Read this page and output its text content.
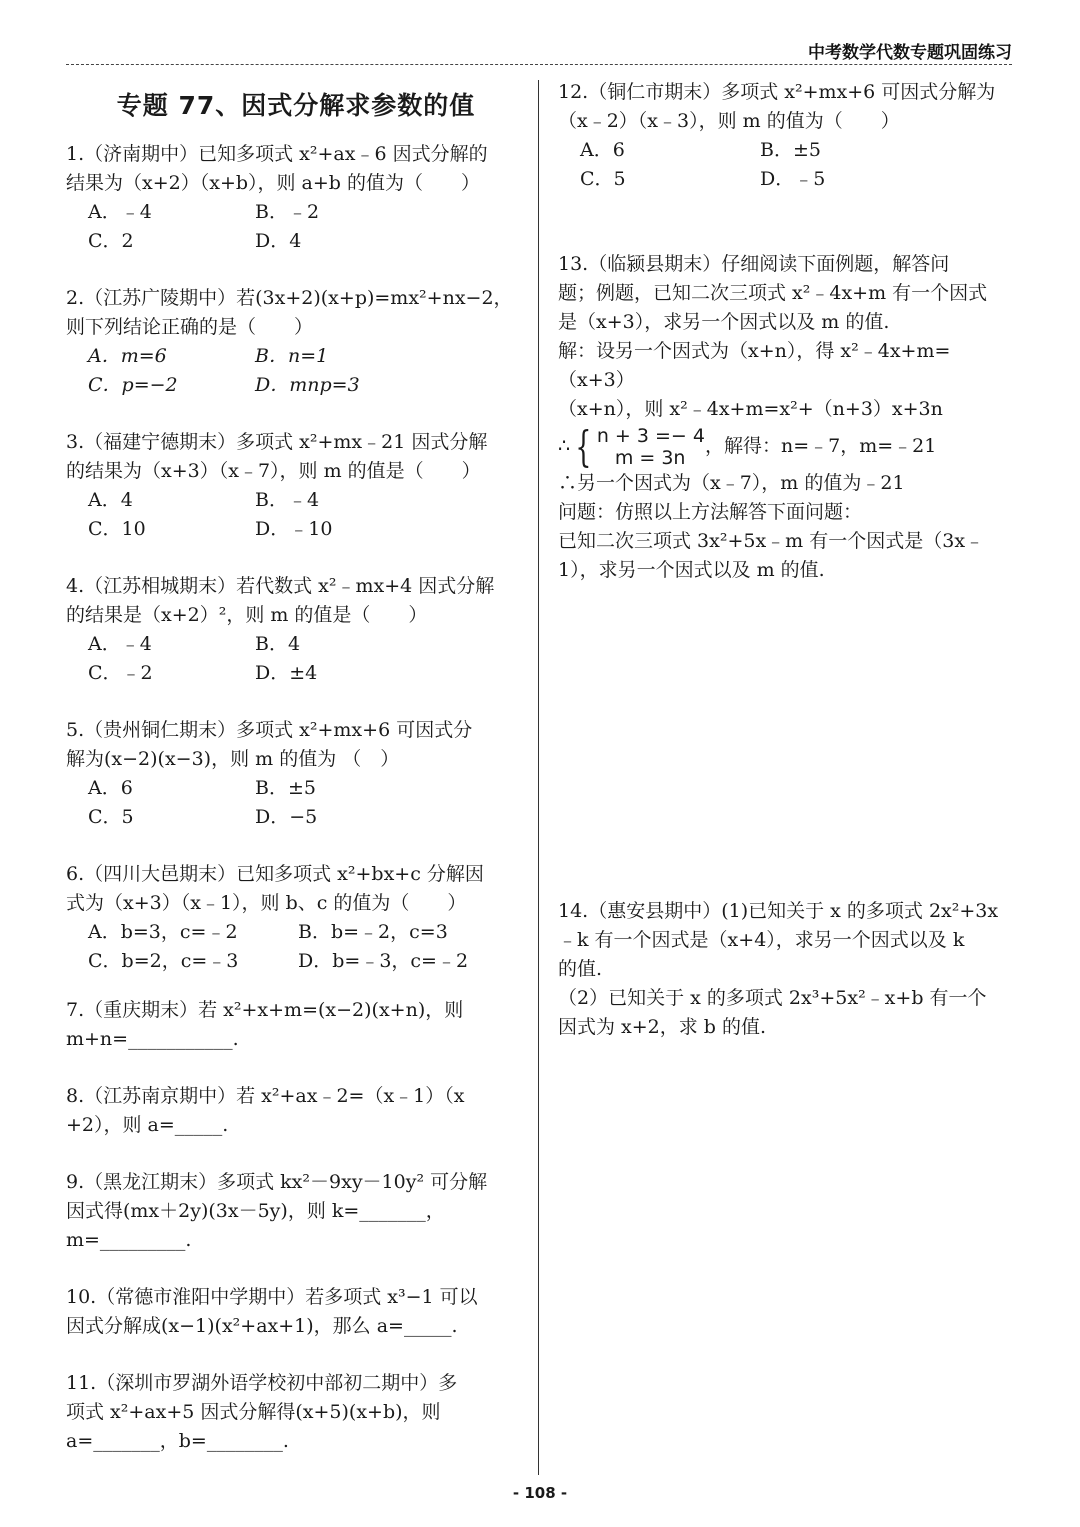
中考数学代数专题巩固练习
专题 77、因式分解求参数的值

1.（济南期中）已知多项式 x²+ax﹣6 因式分解的

结果为（x+2）（x+b），则 a+b 的值为（　　）

A．﹣4	B．﹣2
C．2	D．4

2.（江苏广陵期中）若(3x+2)(x+p)=mx²+nx−2，

则下列结论正确的是（　　）

A．m=6	B．n=1
C．p=−2	D．mnp=3

3.（福建宁德期末）多项式 x²+mx﹣21 因式分解

的结果为（x+3）（x﹣7），则 m 的值是（　　）

A．4	B．﹣4
C．10	D．﹣10

4.（江苏相城期末）若代数式 x²﹣mx+4 因式分解

的结果是（x+2）²，则 m 的值是（　　）

A．﹣4	B．4
C．﹣2	D．±4

5.（贵州铜仁期末）多项式 x²+mx+6 可因式分

解为(x−2)(x−3)，则 m 的值为 （　）

A．6	B．±5
C．5	D．−5

6.（四川大邑期末）已知多项式 x²+bx+c 分解因

式为（x+3）（x﹣1），则 b、c 的值为（　　）

A．b=3，c=﹣2	B．b=﹣2，c=3
C．b=2，c=﹣3	D．b=﹣3，c=﹣2

7.（重庆期末）若 x²+x+m=(x−2)(x+n)，则

m+n=___________.

8.（江苏南京期中）若 x²+ax﹣2=（x﹣1）（x

+2），则 a=_____.

9.（黑龙江期末）多项式 kx²－9xy－10y² 可分解

因式得(mx＋2y)(3x－5y)，则 k=_______，

m=_________.

10.（常德市淮阳中学期中）若多项式 x³−1 可以

因式分解成(x−1)(x²+ax+1)，那么 a=_____.

11.（深圳市罗湖外语学校初中部初二期中）多

项式 x²+ax+5 因式分解得(x+5)(x+b)，则

a=_______，b=________.

12.（铜仁市期末）多项式 x²+mx+6 可因式分解为

（x﹣2）（x﹣3），则 m 的值为（　　）

A．6	B．±5
C．5	D．﹣5

13.（临颍县期末）仔细阅读下面例题，解答问

题；例题，已知二次三项式 x²﹣4x+m 有一个因式

是（x+3），求另一个因式以及 m 的值.

解：设另一个因式为（x+n），得 x²﹣4x+m=（x+3）

（x+n），则 x²﹣4x+m=x²+（n+3）x+3n

∴ { n + 3 =− 4
m = 3n
，解得：n=﹣7，m=﹣21

∴另一个因式为（x﹣7），m 的值为﹣21

问题：仿照以上方法解答下面问题：

已知二次三项式 3x²+5x﹣m 有一个因式是（3x﹣

1），求另一个因式以及 m 的值.

14.（惠安县期中）(1)已知关于 x 的多项式 2x²+3x

﹣k 有一个因式是（x+4），求另一个因式以及 k

的值.

（2）已知关于 x 的多项式 2x³+5x²﹣x+b 有一个

因式为 x+2，求 b 的值.

- 108 -
